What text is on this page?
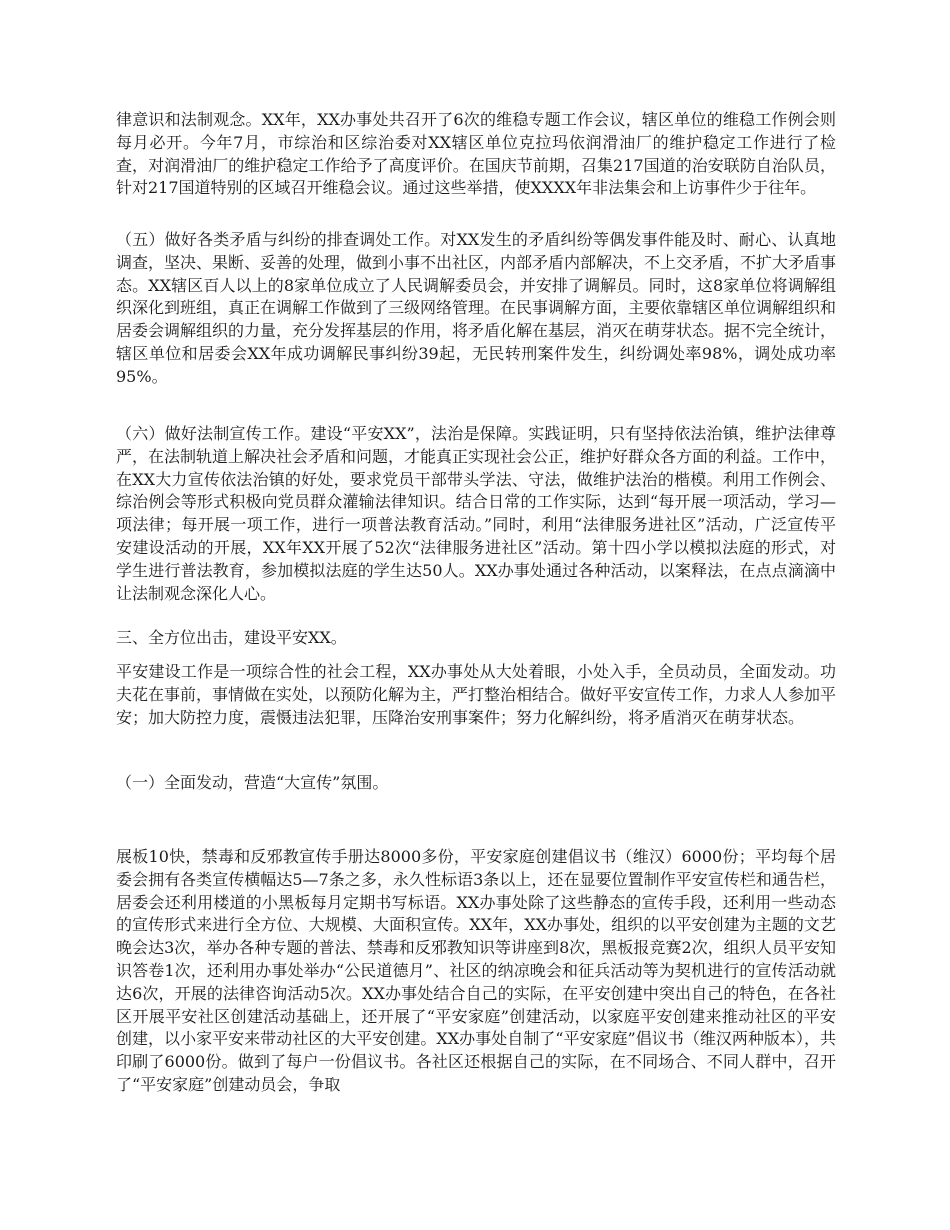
律意识和法制观念。XX年，XX办事处共召开了6次的维稳专题工作会议，辖区单位的维稳工作例会则每月必开。今年7月，市综治和区综治委对XX辖区单位克拉玛依润滑油厂的维护稳定工作进行了检查，对润滑油厂的维护稳定工作给予了高度评价。在国庆节前期，召集217国道的治安联防自治队员，针对217国道特别的区域召开维稳会议。通过这些举措，使XXXX年非法集会和上访事件少于往年。

（五）做好各类矛盾与纠纷的排查调处工作。对XX发生的矛盾纠纷等偶发事件能及时、耐心、认真地调查，坚决、果断、妥善的处理，做到小事不出社区，内部矛盾内部解决，不上交矛盾，不扩大矛盾事态。XX辖区百人以上的8家单位成立了人民调解委员会，并安排了调解员。同时，这8家单位将调解组织深化到班组，真正在调解工作做到了三级网络管理。在民事调解方面，主要依靠辖区单位调解组织和居委会调解组织的力量，充分发挥基层的作用，将矛盾化解在基层，消灭在萌芽状态。据不完全统计，辖区单位和居委会XX年成功调解民事纠纷39起，无民转刑案件发生，纠纷调处率98%，调处成功率95%。

（六）做好法制宣传工作。建设“平安XX”，法治是保障。实践证明，只有坚持依法治镇，维护法律尊严，在法制轨道上解决社会矛盾和问题，才能真正实现社会公正，维护好群众各方面的利益。工作中，在XX大力宣传依法治镇的好处，要求党员干部带头学法、守法，做维护法治的楷模。利用工作例会、综治例会等形式积极向党员群众灌输法律知识。结合日常的工作实际，达到“每开展一项活动，学习—项法律；每开展一项工作，进行一项普法教育活动。”同时，利用“法律服务进社区”活动，广泛宣传平安建设活动的开展，XX年XX开展了52次“法律服务进社区”活动。第十四小学以模拟法庭的形式，对学生进行普法教育，参加模拟法庭的学生达50人。XX办事处通过各种活动，以案释法，在点点滴滴中让法制观念深化人心。

三、全方位出击，建设平安XX。

平安建设工作是一项综合性的社会工程，XX办事处从大处着眼，小处入手，全员动员，全面发动。功夫花在事前，事情做在实处，以预防化解为主，严打整治相结合。做好平安宣传工作，力求人人参加平安；加大防控力度，震慑违法犯罪，压降治安刑事案件；努力化解纠纷，将矛盾消灭在萌芽状态。

（一）全面发动，营造“大宣传”氛围。

展板10快，禁毒和反邪教宣传手册达8000多份，平安家庭创建倡议书（维汉）6000份；平均每个居委会拥有各类宣传横幅达5—7条之多，永久性标语3条以上，还在显要位置制作平安宣传栏和通告栏，居委会还利用楼道的小黑板每月定期书写标语。XX办事处除了这些静态的宣传手段，还利用一些动态的宣传形式来进行全方位、大规模、大面积宣传。XX年，XX办事处，组织的以平安创建为主题的文艺晚会达3次，举办各种专题的普法、禁毒和反邪教知识等讲座到8次，黑板报竞赛2次，组织人员平安知识答卷1次，还利用办事处举办“公民道德月”、社区的纳凉晚会和征兵活动等为契机进行的宣传活动就达6次，开展的法律咨询活动5次。XX办事处结合自己的实际，在平安创建中突出自己的特色，在各社区开展平安社区创建活动基础上，还开展了“平安家庭”创建活动，以家庭平安创建来推动社区的平安创建，以小家平安来带动社区的大平安创建。XX办事处自制了“平安家庭”倡议书（维汉两种版本），共印刷了6000份。做到了每户一份倡议书。各社区还根据自己的实际，在不同场合、不同人群中，召开了“平安家庭”创建动员会，争取
